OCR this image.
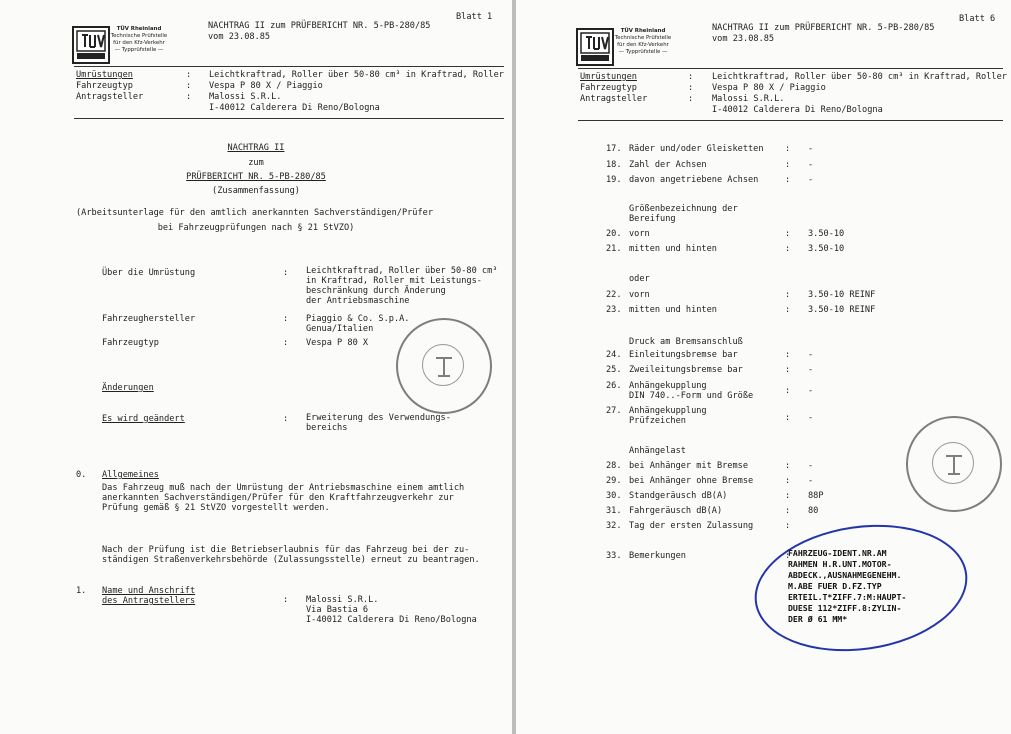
TÜV Rheinland
Technische Prüfstelle
für den Kfz-Verkehr
— Typprüfstelle —
NACHTRAG II zum PRÜFBERICHT NR. 5-PB-280/85
vom 23.08.85
Blatt 1
Umrüstungen	: Leichtkraftrad, Roller über 50-80 cm³ in Kraftrad, Roller
Fahrzeugtyp	: Vespa P 80 X / Piaggio
Antragsteller	: Malossi S.R.L.
I-40012 Calderera Di Reno/Bologna
NACHTRAG II
zum
PRÜFBERICHT NR. 5-PB-280/85
(Zusammenfassung)
(Arbeitsunterlage für den amtlich anerkannten Sachverständigen/Prüfer
bei Fahrzeugprüfungen nach § 21 StVZO)
Über die Umrüstung	: Leichtkraftrad, Roller über 50-80 cm³
in Kraftrad, Roller mit Leistungs-
beschränkung durch Änderung
der Antriebsmaschine
Fahrzeughersteller	: Piaggio & Co. S.p.A.
Genua/Italien
Fahrzeugtyp	: Vespa P 80 X
Änderungen
Es wird geändert	: Erweiterung des Verwendungs-
bereichs
0. Allgemeines
Das Fahrzeug muß nach der Umrüstung der Antriebsmaschine einem amtlich
anerkannten Sachverständigen/Prüfer für den Kraftfahrzeugverkehr zur
Prüfung gemäß § 21 StVZO vorgestellt werden.
Nach der Prüfung ist die Betriebserlaubnis für das Fahrzeug bei der zu-
ständigen Straßenverkehrsbehörde (Zulassungsstelle) erneut zu beantragen.
1. Name und Anschrift
des Antragstellers	: Malossi S.R.L.
Via Bastia 6
I-40012 Calderera Di Reno/Bologna
TÜV Rheinland
Technische Prüfstelle
für den Kfz-Verkehr
— Typprüfstelle —
NACHTRAG II zum PRÜFBERICHT NR. 5-PB-280/85
vom 23.08.85
Blatt 6
Umrüstungen	: Leichtkraftrad, Roller über 50-80 cm³ in Kraftrad, Roller
Fahrzeugtyp	: Vespa P 80 X / Piaggio
Antragsteller	: Malossi S.R.L.
I-40012 Calderera Di Reno/Bologna
17. Räder und/oder Gleisketten : -
18. Zahl der Achsen	: -
19. davon angetriebene Achsen	: -
Größenbezeichnung der
Bereifung
20. vorn	: 3.50-10
21. mitten und hinten	: 3.50-10
oder
22. vorn	: 3.50-10 REINF
23. mitten und hinten	: 3.50-10 REINF
Druck am Bremsanschluß
24. Einleitungsbremse bar	: -
25. Zweileitungsbremse bar	: -
26. Anhängekupplung
DIN 740..-Form und Größe	: -
27. Anhängekupplung
Prüfzeichen	: -
Anhängelast
28. bei Anhänger mit Bremse	: -
29. bei Anhänger ohne Bremse	: -
30. Standgeräusch dB(A)	: 88P
31. Fahrgeräusch dB(A)	: 80
32. Tag der ersten Zulassung	:
33. Bemerkungen	:
FAHRZEUG-IDENT.NR.AM
RAHMEN H.R.UNT.MOTOR-
ABDECK.,AUSNAHMEGENEHM.
M.ABE FUER D.FZ.TYP
ERTEIL.T*ZIFF.7:M:HAUPT-
DUESE 112*ZIFF.8:ZYLIN-
DER Ø 61 MM*
